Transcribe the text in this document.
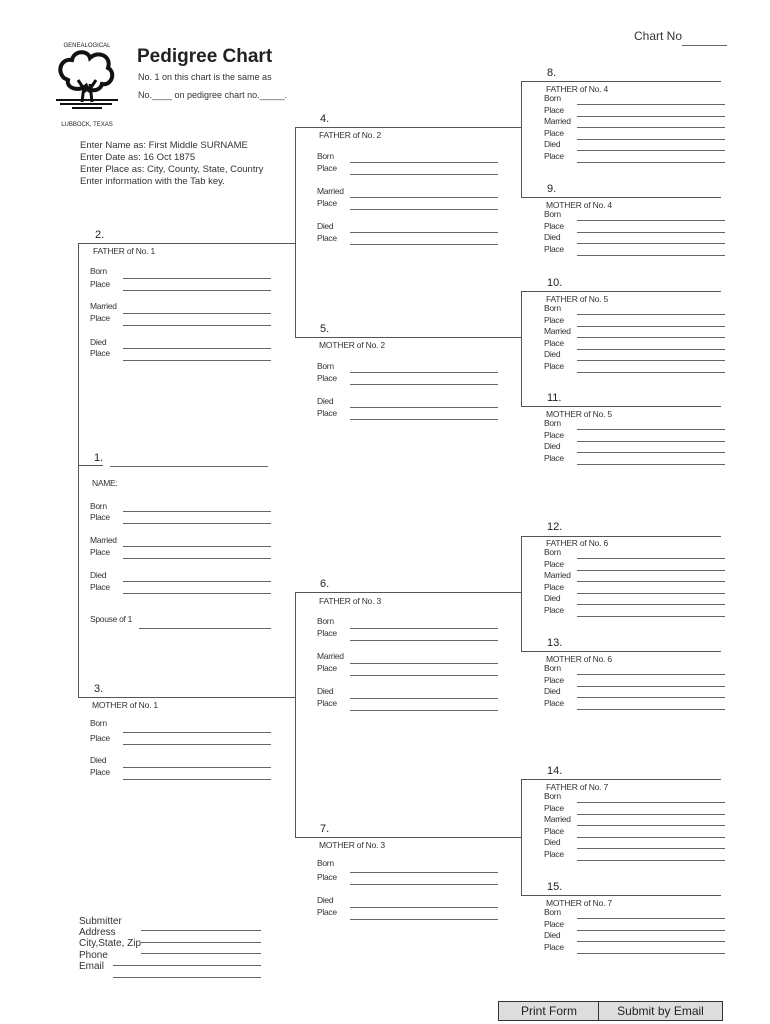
GENEALOGICAL
LUBBOCK, TEXAS
Pedigree Chart
No. 1 on this chart is the same as
No.____ on pedigree chart no._____.
Chart No
Enter Name as: First Middle SURNAME
Enter Date as: 16 Oct 1875
Enter Place as: City, County, State, Country
Enter information with the Tab key.
1.
NAME:
Born
Place
Married
Place
Died
Place
Spouse of 1
2.
FATHER of No. 1
Born
Place
Married
Place
Died
Place
3.
MOTHER of No. 1
Born
Place
Died
Place
4.
FATHER of No. 2
Born
Place
Married
Place
Died
Place
5.
MOTHER of No. 2
Born
Place
Died
Place
6.
FATHER of No. 3
Born
Place
Married
Place
Died
Place
7.
MOTHER of No. 3
Born
Place
Died
Place
8.
FATHER of No. 4
Born
Place
Married
Place
Died
Place
9.
MOTHER of No. 4
Born
Place
Died
Place
10.
FATHER of No. 5
Born
Place
Married
Place
Died
Place
11.
MOTHER of No. 5
Born
Place
Died
Place
12.
FATHER of No. 6
Born
Place
Married
Place
Died
Place
13.
MOTHER of No. 6
Born
Place
Died
Place
14.
FATHER of No. 7
Born
Place
Married
Place
Died
Place
15.
MOTHER of No. 7
Born
Place
Died
Place
Submitter
Address
City,State, Zip
Phone
Email
Print Form	Submit by Email
